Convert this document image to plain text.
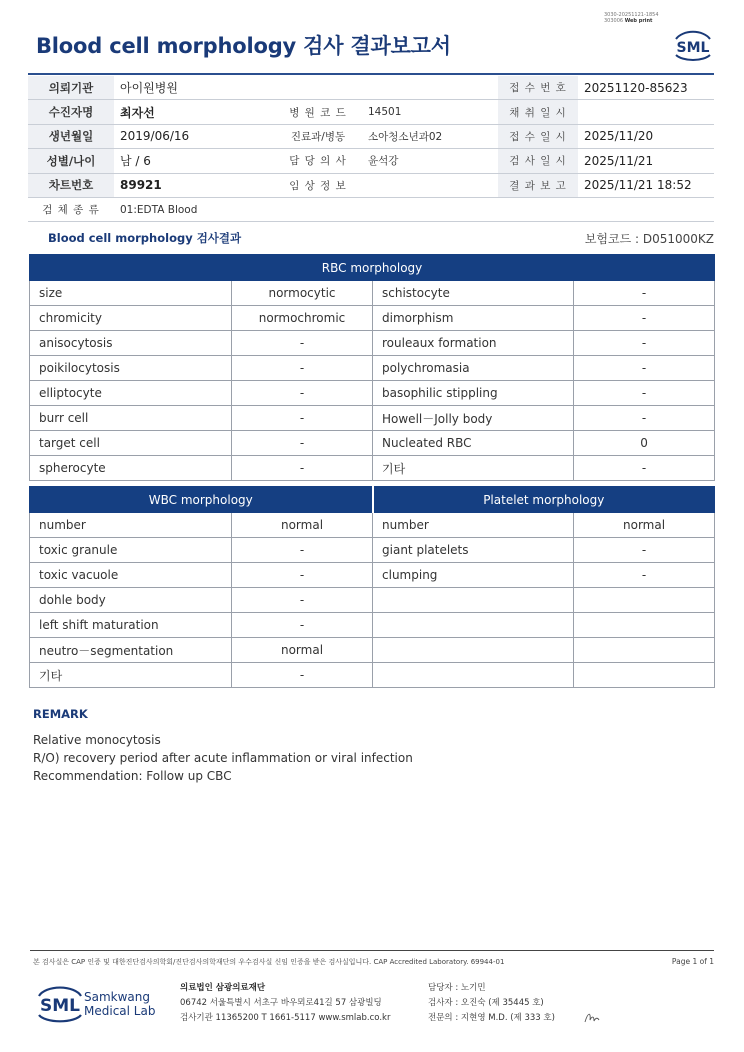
3030-20251121-1854
303006 Web print
Blood cell morphology 검사 결과보고서	SML
의뢰기관	아이원병원			접 수 번 호	20251120-85623
수진자명	최자선	병 원 코 드	14501	채 취 일 시	
생년월일	2019/06/16	진료과/병동	소아청소년과02	접 수 일 시	2025/11/20
성별/나이	남 / 6	담 당 의 사	윤석강	검 사 일 시	2025/11/21
차트번호	89921	임 상 정 보		결 과 보 고	2025/11/21 18:52
검 체 종 류	01:EDTA Blood				
Blood cell morphology 검사결과	보험코드 : D051000KZ
RBC morphology			
size	normocytic	schistocyte	-
chromicity	normochromic	dimorphism	-
anisocytosis	-	rouleaux formation	-
poikilocytosis	-	polychromasia	-
elliptocyte	-	basophilic stippling	-
burr cell	-	Howell－Jolly body	-
target cell	-	Nucleated RBC	0
spherocyte	-	기타	-
WBC morphology		Platelet morphology	
number	normal	number	normal
toxic granule	-	giant platelets	-
toxic vacuole	-	clumping	-
dohle body	-		
left shift maturation	-		
neutro－segmentation	normal		
기타	-		
REMARK
Relative monocytosis
R/O) recovery period after acute inflammation or viral infection
Recommendation: Follow up CBC
본 검사실은 CAP 인증 및 대한진단검사의학회/진단검사의학재단의 우수검사실 신임 인증을 받은 검사실입니다. CAP Accredited Laboratory. 69944-01	Page 1 of 1
SML Samkwang
Medical Lab
의료법인 삼광의료재단
06742 서울특별시 서초구 바우뫼로41길 57 삼광빌딩
검사기관 11365200 T 1661-5117 www.smlab.co.kr
담당자 : 노기민
검사자 : 오진숙 (제 35445 호)
전문의 : 지현영 M.D. (제 333 호)
